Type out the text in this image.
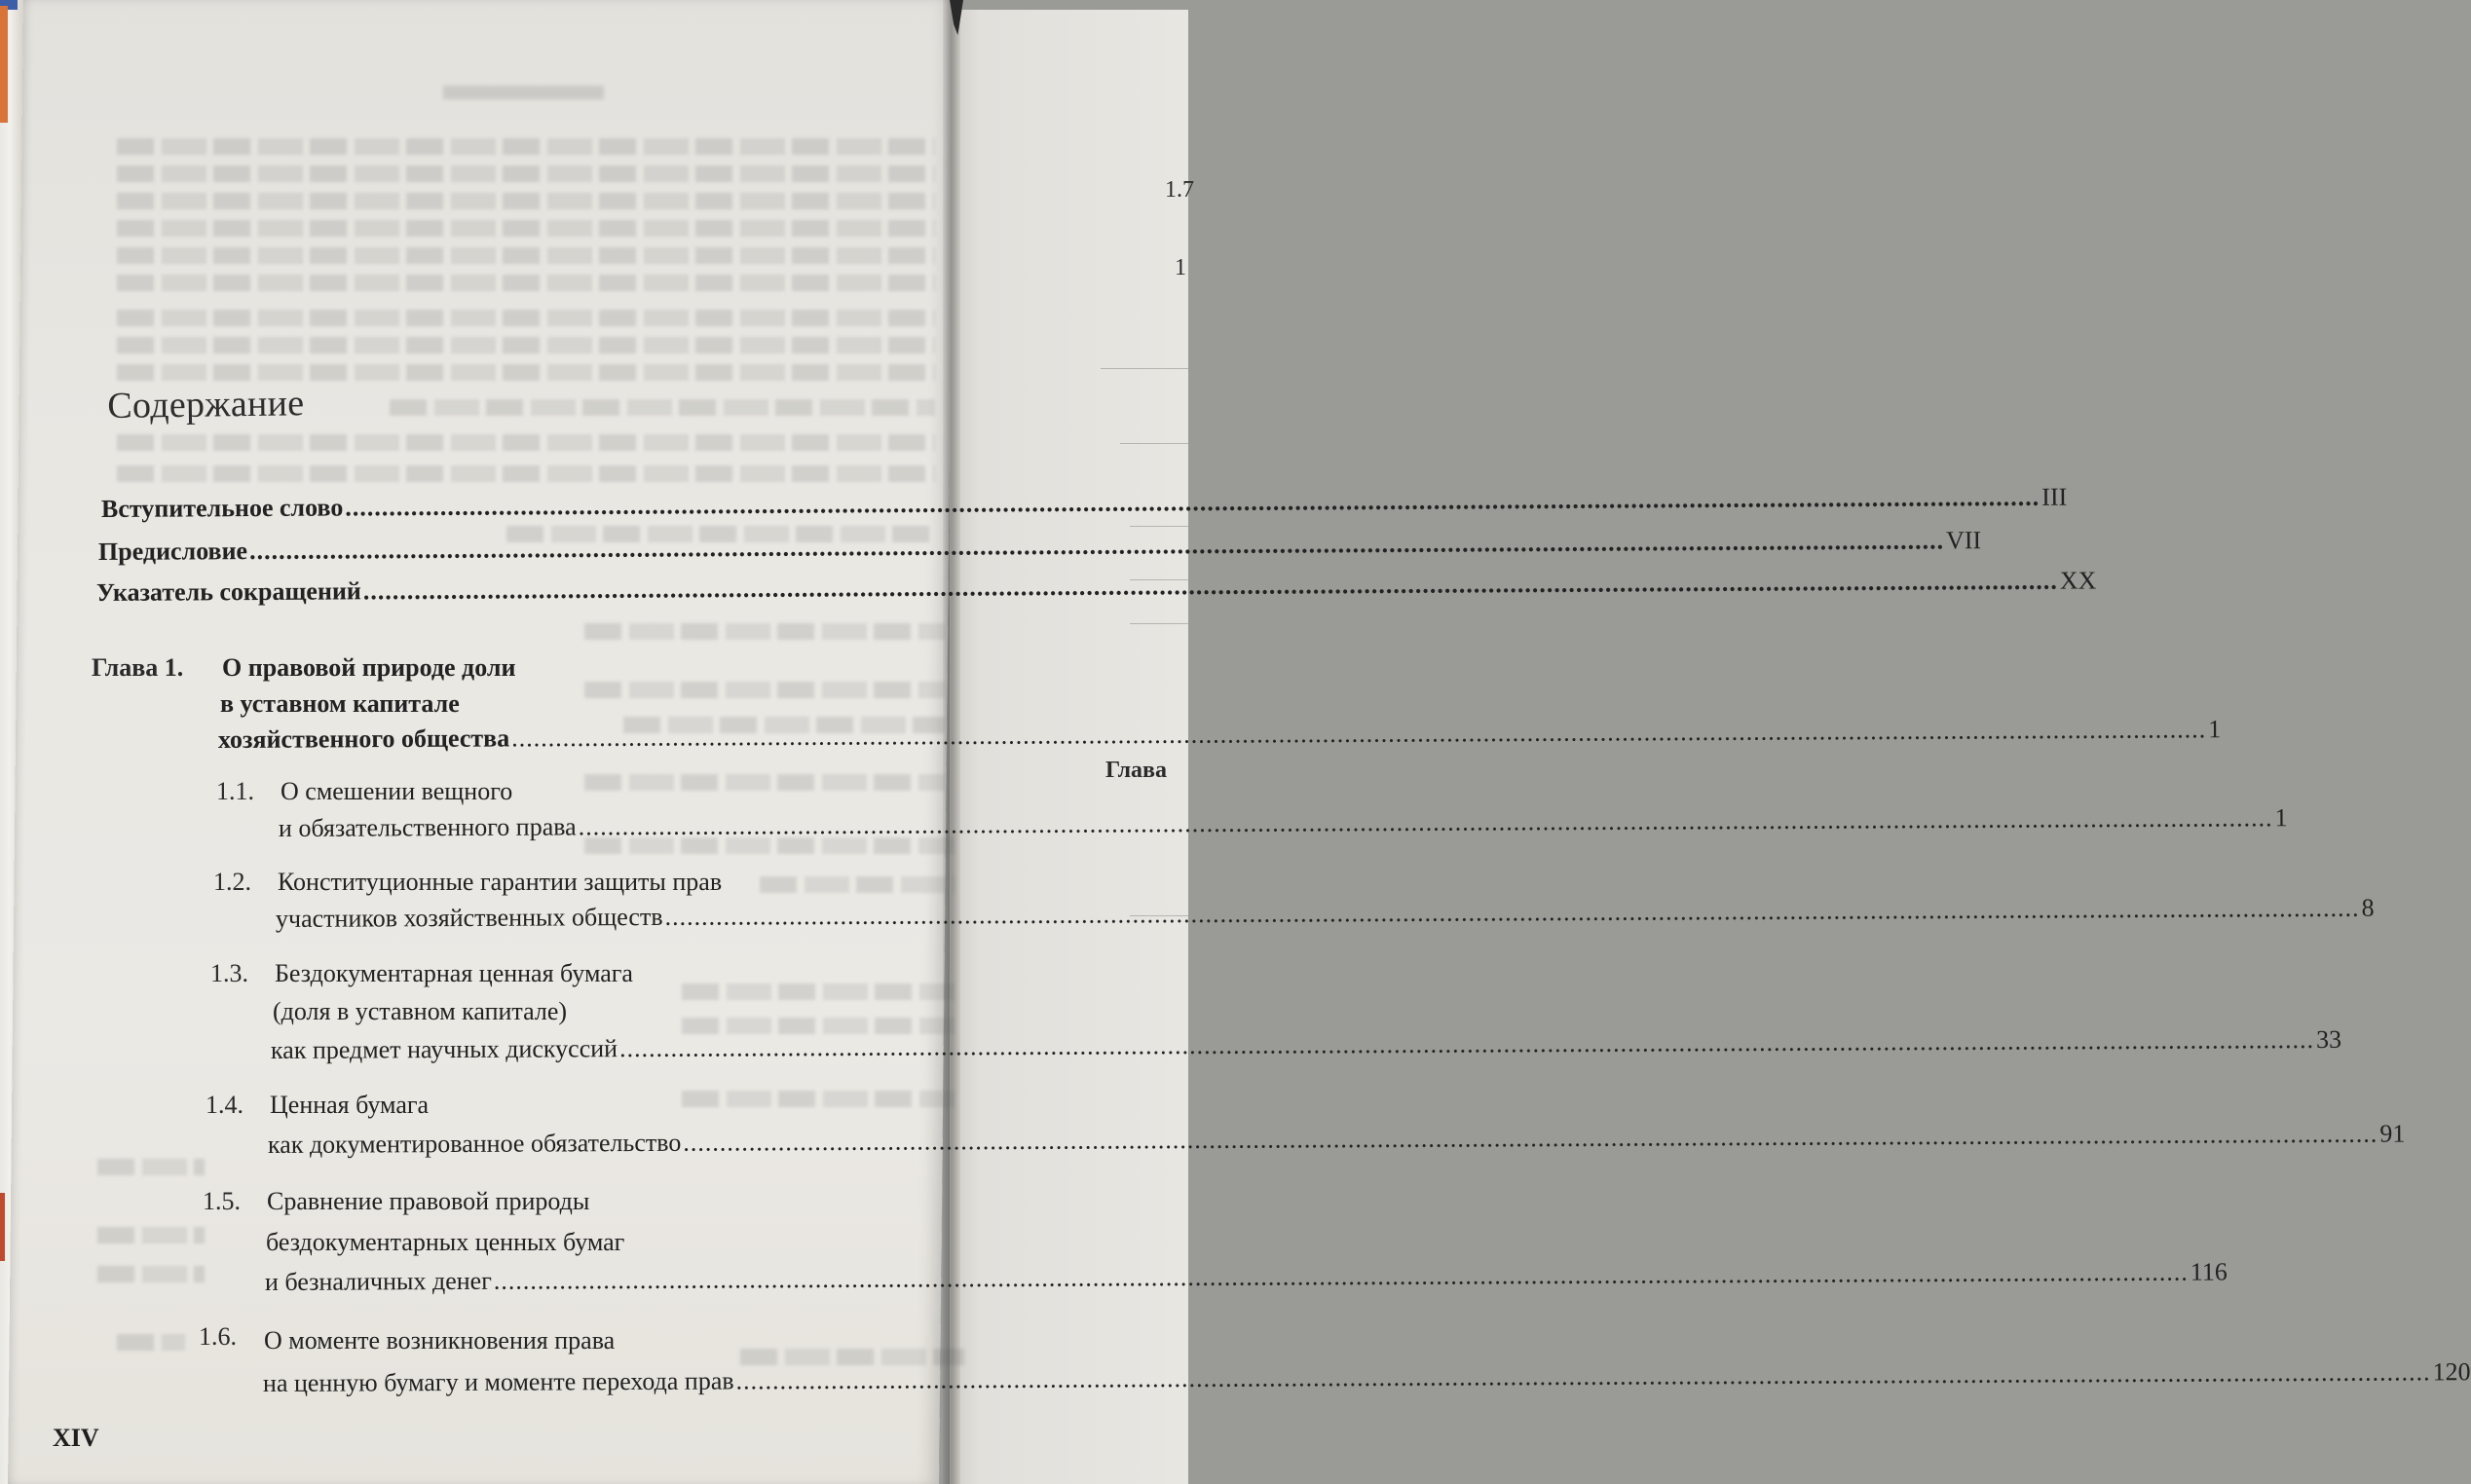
Содержание
Вступительное слово .....	III
Предисловие .....	VII
Указатель сокращений .....	XX
Глава 1. О правовой природе доли
в уставном капитале
хозяйственного общества .....	1
1.1. О смешении вещного
и обязательственного права .....	1
1.2. Конституционные гарантии защиты прав
участников хозяйственных обществ .....	8
1.3. Бездокументарная ценная бумага
(доля в уставном капитале)
как предмет научных дискуссий .....	33
1.4. Ценная бумага
как документированное обязательство .....	91
1.5. Сравнение правовой природы
бездокументарных ценных бумаг
и безналичных денег .....	116
1.6. О моменте возникновения права
на ценную бумагу и моменте перехода прав .....	120
XIV
1.7
1
Глава
